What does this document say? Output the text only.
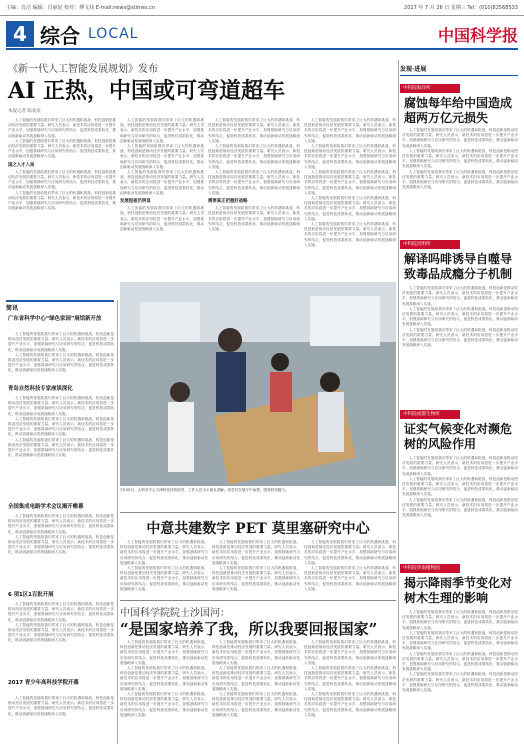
主编：肖洁 编辑：冯丽妃 校对：傅文炜 E-mail:news@stimes.cn	2017 年 7 月 26 日 星期三 Tel：(010)82568533
4 综合 LOCAL	中国科学报
《新一代人工智能发展规划》发布
AI 正热，中国或可弯道超车
本报记者 陈欢欢

人工智能的发展给我们带来了巨大的机遇和挑战，科技创新是推动经济发展的重要力量。研究人员表示，新技术的应用将进一步提升产业水平，加强基础研究与应用研究的结合，促进科技成果转化，推动创新驱动发展战略深入实施。

人工智能的发展给我们带来了巨大的机遇和挑战，科技创新是推动经济发展的重要力量。研究人员表示，新技术的应用将进一步提升产业水平，加强基础研究与应用研究的结合，促进科技成果转化，推动创新驱动发展战略深入实施。

国之人才入局

人工智能的发展给我们带来了巨大的机遇和挑战，科技创新是推动经济发展的重要力量。研究人员表示，新技术的应用将进一步提升产业水平，加强基础研究与应用研究的结合，促进科技成果转化，推动创新驱动发展战略深入实施。

人工智能的发展给我们带来了巨大的机遇和挑战，科技创新是推动经济发展的重要力量。研究人员表示，新技术的应用将进一步提升产业水平，加强基础研究与应用研究的结合，促进科技成果转化，推动创新驱动发展战略深入实施。

人工智能的发展给我们带来了巨大的机遇和挑战，科技创新是推动经济发展的重要力量。研究人员表示，新技术的应用将进一步提升产业水平，加强基础研究与应用研究的结合，促进科技成果转化，推动创新驱动发展战略深入实施。

人工智能的发展给我们带来了巨大的机遇和挑战，科技创新是推动经济发展的重要力量。研究人员表示，新技术的应用将进一步提升产业水平，加强基础研究与应用研究的结合，促进科技成果转化，推动创新驱动发展战略深入实施。

人工智能的发展给我们带来了巨大的机遇和挑战，科技创新是推动经济发展的重要力量。研究人员表示，新技术的应用将进一步提升产业水平，加强基础研究与应用研究的结合，促进科技成果转化，推动创新驱动发展战略深入实施。

发展短板仍明显

人工智能的发展给我们带来了巨大的机遇和挑战，科技创新是推动经济发展的重要力量。研究人员表示，新技术的应用将进一步提升产业水平，加强基础研究与应用研究的结合，促进科技成果转化，推动创新驱动发展战略深入实施。

人工智能的发展给我们带来了巨大的机遇和挑战，科技创新是推动经济发展的重要力量。研究人员表示，新技术的应用将进一步提升产业水平，加强基础研究与应用研究的结合，促进科技成果转化，推动创新驱动发展战略深入实施。

人工智能的发展给我们带来了巨大的机遇和挑战，科技创新是推动经济发展的重要力量。研究人员表示，新技术的应用将进一步提升产业水平，加强基础研究与应用研究的结合，促进科技成果转化，推动创新驱动发展战略深入实施。

人工智能的发展给我们带来了巨大的机遇和挑战，科技创新是推动经济发展的重要力量。研究人员表示，新技术的应用将进一步提升产业水平，加强基础研究与应用研究的结合，促进科技成果转化，推动创新驱动发展战略深入实施。

需要真正把握好战略

人工智能的发展给我们带来了巨大的机遇和挑战，科技创新是推动经济发展的重要力量。研究人员表示，新技术的应用将进一步提升产业水平，加强基础研究与应用研究的结合，促进科技成果转化，推动创新驱动发展战略深入实施。

人工智能的发展给我们带来了巨大的机遇和挑战，科技创新是推动经济发展的重要力量。研究人员表示，新技术的应用将进一步提升产业水平，加强基础研究与应用研究的结合，促进科技成果转化，推动创新驱动发展战略深入实施。

人工智能的发展给我们带来了巨大的机遇和挑战，科技创新是推动经济发展的重要力量。研究人员表示，新技术的应用将进一步提升产业水平，加强基础研究与应用研究的结合，促进科技成果转化，推动创新驱动发展战略深入实施。

人工智能的发展给我们带来了巨大的机遇和挑战，科技创新是推动经济发展的重要力量。研究人员表示，新技术的应用将进一步提升产业水平，加强基础研究与应用研究的结合，促进科技成果转化，推动创新驱动发展战略深入实施。

人工智能的发展给我们带来了巨大的机遇和挑战，科技创新是推动经济发展的重要力量。研究人员表示，新技术的应用将进一步提升产业水平，加强基础研究与应用研究的结合，促进科技成果转化，推动创新驱动发展战略深入实施。

人工智能的发展给我们带来了巨大的机遇和挑战，科技创新是推动经济发展的重要力量。研究人员表示，新技术的应用将进一步提升产业水平，加强基础研究与应用研究的结合，促进科技成果转化，推动创新驱动发展战略深入实施。

简讯
广东省科学中心“绿色家园”展馆新开放

人工智能的发展给我们带来了巨大的机遇和挑战，科技创新是推动经济发展的重要力量。研究人员表示，新技术的应用将进一步提升产业水平，加强基础研究与应用研究的结合，促进科技成果转化，推动创新驱动发展战略深入实施。

人工智能的发展给我们带来了巨大的机遇和挑战，科技创新是推动经济发展的重要力量。研究人员表示，新技术的应用将进一步提升产业水平，加强基础研究与应用研究的结合，促进科技成果转化，推动创新驱动发展战略深入实施。

青岛自然科技专家座谈深化

人工智能的发展给我们带来了巨大的机遇和挑战，科技创新是推动经济发展的重要力量。研究人员表示，新技术的应用将进一步提升产业水平，加强基础研究与应用研究的结合，促进科技成果转化，推动创新驱动发展战略深入实施。

人工智能的发展给我们带来了巨大的机遇和挑战，科技创新是推动经济发展的重要力量。研究人员表示，新技术的应用将进一步提升产业水平，加强基础研究与应用研究的结合，促进科技成果转化，推动创新驱动发展战略深入实施。

人工智能的发展给我们带来了巨大的机遇和挑战，科技创新是推动经济发展的重要力量。研究人员表示，新技术的应用将进一步提升产业水平，加强基础研究与应用研究的结合，促进科技成果转化，推动创新驱动发展战略深入实施。

全国集成电路学术会议揭开帷幕

人工智能的发展给我们带来了巨大的机遇和挑战，科技创新是推动经济发展的重要力量。研究人员表示，新技术的应用将进一步提升产业水平，加强基础研究与应用研究的结合，促进科技成果转化，推动创新驱动发展战略深入实施。

人工智能的发展给我们带来了巨大的机遇和挑战，科技创新是推动经济发展的重要力量。研究人员表示，新技术的应用将进一步提升产业水平，加强基础研究与应用研究的结合，促进科技成果转化，推动创新驱动发展战略深入实施。

6 项1区1百批开展

人工智能的发展给我们带来了巨大的机遇和挑战，科技创新是推动经济发展的重要力量。研究人员表示，新技术的应用将进一步提升产业水平，加强基础研究与应用研究的结合，促进科技成果转化，推动创新驱动发展战略深入实施。

人工智能的发展给我们带来了巨大的机遇和挑战，科技创新是推动经济发展的重要力量。研究人员表示，新技术的应用将进一步提升产业水平，加强基础研究与应用研究的结合，促进科技成果转化，推动创新驱动发展战略深入实施。

2017 青少年高科技学院开幕

人工智能的发展给我们带来了巨大的机遇和挑战，科技创新是推动经济发展的重要力量。研究人员表示，新技术的应用将进一步提升产业水平，加强基础研究与应用研究的结合，促进科技成果转化，推动创新驱动发展战略深入实施。

7月25日，大科学中心天津科技体验馆内，工作人员为小朋友讲解。同学们在展厅中参观，感受科技魅力。
中意共建数字 PET 莫里塞研究中心

人工智能的发展给我们带来了巨大的机遇和挑战，科技创新是推动经济发展的重要力量。研究人员表示，新技术的应用将进一步提升产业水平，加强基础研究与应用研究的结合，促进科技成果转化，推动创新驱动发展战略深入实施。

人工智能的发展给我们带来了巨大的机遇和挑战，科技创新是推动经济发展的重要力量。研究人员表示，新技术的应用将进一步提升产业水平，加强基础研究与应用研究的结合，促进科技成果转化，推动创新驱动发展战略深入实施。

人工智能的发展给我们带来了巨大的机遇和挑战，科技创新是推动经济发展的重要力量。研究人员表示，新技术的应用将进一步提升产业水平，加强基础研究与应用研究的结合，促进科技成果转化，推动创新驱动发展战略深入实施。

人工智能的发展给我们带来了巨大的机遇和挑战，科技创新是推动经济发展的重要力量。研究人员表示，新技术的应用将进一步提升产业水平，加强基础研究与应用研究的结合，促进科技成果转化，推动创新驱动发展战略深入实施。

人工智能的发展给我们带来了巨大的机遇和挑战，科技创新是推动经济发展的重要力量。研究人员表示，新技术的应用将进一步提升产业水平，加强基础研究与应用研究的结合，促进科技成果转化，推动创新驱动发展战略深入实施。

人工智能的发展给我们带来了巨大的机遇和挑战，科技创新是推动经济发展的重要力量。研究人员表示，新技术的应用将进一步提升产业水平，加强基础研究与应用研究的结合，促进科技成果转化，推动创新驱动发展战略深入实施。

中国科学院院士沙国河：
“是国家培养了我，所以我要回报国家”

人工智能的发展给我们带来了巨大的机遇和挑战，科技创新是推动经济发展的重要力量。研究人员表示，新技术的应用将进一步提升产业水平，加强基础研究与应用研究的结合，促进科技成果转化，推动创新驱动发展战略深入实施。

人工智能的发展给我们带来了巨大的机遇和挑战，科技创新是推动经济发展的重要力量。研究人员表示，新技术的应用将进一步提升产业水平，加强基础研究与应用研究的结合，促进科技成果转化，推动创新驱动发展战略深入实施。

人工智能的发展给我们带来了巨大的机遇和挑战，科技创新是推动经济发展的重要力量。研究人员表示，新技术的应用将进一步提升产业水平，加强基础研究与应用研究的结合，促进科技成果转化，推动创新驱动发展战略深入实施。

人工智能的发展给我们带来了巨大的机遇和挑战，科技创新是推动经济发展的重要力量。研究人员表示，新技术的应用将进一步提升产业水平，加强基础研究与应用研究的结合，促进科技成果转化，推动创新驱动发展战略深入实施。

人工智能的发展给我们带来了巨大的机遇和挑战，科技创新是推动经济发展的重要力量。研究人员表示，新技术的应用将进一步提升产业水平，加强基础研究与应用研究的结合，促进科技成果转化，推动创新驱动发展战略深入实施。

人工智能的发展给我们带来了巨大的机遇和挑战，科技创新是推动经济发展的重要力量。研究人员表示，新技术的应用将进一步提升产业水平，加强基础研究与应用研究的结合，促进科技成果转化，推动创新驱动发展战略深入实施。

人工智能的发展给我们带来了巨大的机遇和挑战，科技创新是推动经济发展的重要力量。研究人员表示，新技术的应用将进一步提升产业水平，加强基础研究与应用研究的结合，促进科技成果转化，推动创新驱动发展战略深入实施。

人工智能的发展给我们带来了巨大的机遇和挑战，科技创新是推动经济发展的重要力量。研究人员表示，新技术的应用将进一步提升产业水平，加强基础研究与应用研究的结合，促进科技成果转化，推动创新驱动发展战略深入实施。

人工智能的发展给我们带来了巨大的机遇和挑战，科技创新是推动经济发展的重要力量。研究人员表示，新技术的应用将进一步提升产业水平，加强基础研究与应用研究的结合，促进科技成果转化，推动创新驱动发展战略深入实施。

发现·进展
中科院海洋所
腐蚀每年给中国造成超两万亿元损失

人工智能的发展给我们带来了巨大的机遇和挑战，科技创新是推动经济发展的重要力量。研究人员表示，新技术的应用将进一步提升产业水平，加强基础研究与应用研究的结合，促进科技成果转化，推动创新驱动发展战略深入实施。

人工智能的发展给我们带来了巨大的机遇和挑战，科技创新是推动经济发展的重要力量。研究人员表示，新技术的应用将进一步提升产业水平，加强基础研究与应用研究的结合，促进科技成果转化，推动创新驱动发展战略深入实施。

人工智能的发展给我们带来了巨大的机遇和挑战，科技创新是推动经济发展的重要力量。研究人员表示，新技术的应用将进一步提升产业水平，加强基础研究与应用研究的结合，促进科技成果转化，推动创新驱动发展战略深入实施。

中科院昆明所
解译吗啡诱导自噬导致毒品成瘾分子机制

人工智能的发展给我们带来了巨大的机遇和挑战，科技创新是推动经济发展的重要力量。研究人员表示，新技术的应用将进一步提升产业水平，加强基础研究与应用研究的结合，促进科技成果转化，推动创新驱动发展战略深入实施。

人工智能的发展给我们带来了巨大的机遇和挑战，科技创新是推动经济发展的重要力量。研究人员表示，新技术的应用将进一步提升产业水平，加强基础研究与应用研究的结合，促进科技成果转化，推动创新驱动发展战略深入实施。

人工智能的发展给我们带来了巨大的机遇和挑战，科技创新是推动经济发展的重要力量。研究人员表示，新技术的应用将进一步提升产业水平，加强基础研究与应用研究的结合，促进科技成果转化，推动创新驱动发展战略深入实施。

中科院成都生物所
证实气候变化对濒危树的风险作用

人工智能的发展给我们带来了巨大的机遇和挑战，科技创新是推动经济发展的重要力量。研究人员表示，新技术的应用将进一步提升产业水平，加强基础研究与应用研究的结合，促进科技成果转化，推动创新驱动发展战略深入实施。

人工智能的发展给我们带来了巨大的机遇和挑战，科技创新是推动经济发展的重要力量。研究人员表示，新技术的应用将进一步提升产业水平，加强基础研究与应用研究的结合，促进科技成果转化，推动创新驱动发展战略深入实施。

人工智能的发展给我们带来了巨大的机遇和挑战，科技创新是推动经济发展的重要力量。研究人员表示，新技术的应用将进一步提升产业水平，加强基础研究与应用研究的结合，促进科技成果转化，推动创新驱动发展战略深入实施。

中科院华南植物园
揭示降雨季节变化对树木生理的影响

人工智能的发展给我们带来了巨大的机遇和挑战，科技创新是推动经济发展的重要力量。研究人员表示，新技术的应用将进一步提升产业水平，加强基础研究与应用研究的结合，促进科技成果转化，推动创新驱动发展战略深入实施。

人工智能的发展给我们带来了巨大的机遇和挑战，科技创新是推动经济发展的重要力量。研究人员表示，新技术的应用将进一步提升产业水平，加强基础研究与应用研究的结合，促进科技成果转化，推动创新驱动发展战略深入实施。

人工智能的发展给我们带来了巨大的机遇和挑战，科技创新是推动经济发展的重要力量。研究人员表示，新技术的应用将进一步提升产业水平，加强基础研究与应用研究的结合，促进科技成果转化，推动创新驱动发展战略深入实施。

人工智能的发展给我们带来了巨大的机遇和挑战，科技创新是推动经济发展的重要力量。研究人员表示，新技术的应用将进一步提升产业水平，加强基础研究与应用研究的结合，促进科技成果转化，推动创新驱动发展战略深入实施。
